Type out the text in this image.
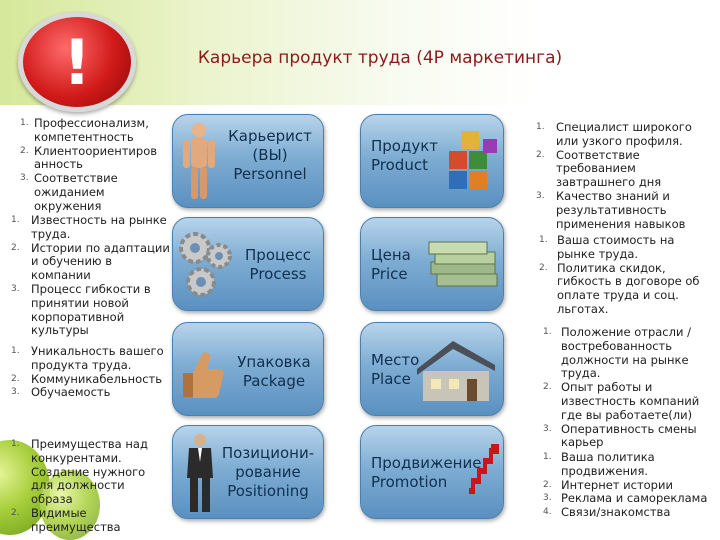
!	Карьера продукт труда (4P маркетинга)
1. Профессионализм, компетентность
2. Клиентоориентиров анность
3. Соответствие ожиданием окружения
1. Известность на рынке труда.
2. Истории по адаптации и обучению в компании
3. Процесс гибкости в принятии новой корпоративной культуры
1. Уникальность вашего продукта труда.
2. Коммуникабельность
3. Обучаемость
1. Преимущества над конкурентами. Создание нужного для должности образа
2. Видимые преимущества
Карьерист
(ВЫ)
Personnel
Процесс
Process
Упаковка
Package
Позициони-
рование
Positioning
Продукт
Product
Цена
Price
Место
Place
Продвижение
Promotion
1. Специалист широкого или узкого профиля.
2. Соответствие требованием завтрашнего дня
3. Качество знаний и результативность применения навыков
1. Ваша стоимость на рынке труда.
2. Политика скидок, гибкость в договоре об оплате труда и соц. льготах.
1. Положение отрасли /востребованность должности на рынке труда.
2. Опыт работы и известность компаний где вы работаете(ли)
3. Оперативность смены карьер
1. Ваша политика продвижения.
2. Интернет истории
3. Реклама и самореклама
4. Связи/знакомства
